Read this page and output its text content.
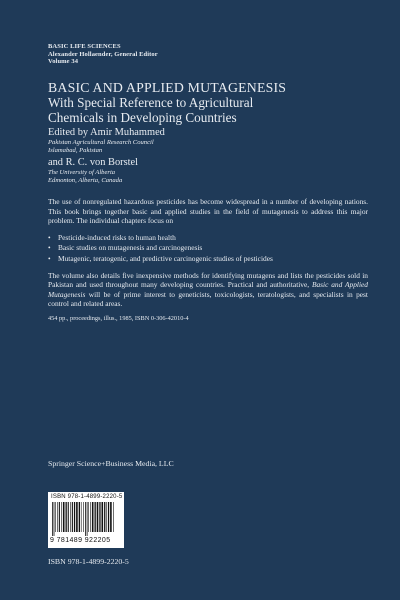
BASIC LIFE SCIENCES
Alexander Hollaender, General Editor
Volume 34
BASIC AND APPLIED MUTAGENESIS
With Special Reference to Agricultural
Chemicals in Developing Countries
Edited by Amir Muhammed
Pakistan Agricultural Research Council
Islamabad, Pakistan
and R. C. von Borstel
The University of Alberta
Edmonton, Alberta, Canada

The use of nonregulated hazardous pesticides has become widespread in a number of developing nations. This book brings together basic and applied studies in the field of mutagenesis to address this major problem. The individual chapters focus on

• Pesticide-induced risks to human health
• Basic studies on mutagenesis and carcinogenesis
• Mutagenic, teratogenic, and predictive carcinogenic studies of pesticides

The volume also details five inexpensive methods for identifying mutagens and lists the pesticides sold in Pakistan and used throughout many developing countries. Practical and authoritative, Basic and Applied Mutagenesis will be of prime interest to geneticists, toxicologists, teratologists, and specialists in pest control and related areas.

454 pp., proceedings, illus., 1985, ISBN 0-306-42010-4

Springer Science+Business Media, LLC
ISBN 978-1-4899-2220-5
9 781489 922205
ISBN 978-1-4899-2220-5
